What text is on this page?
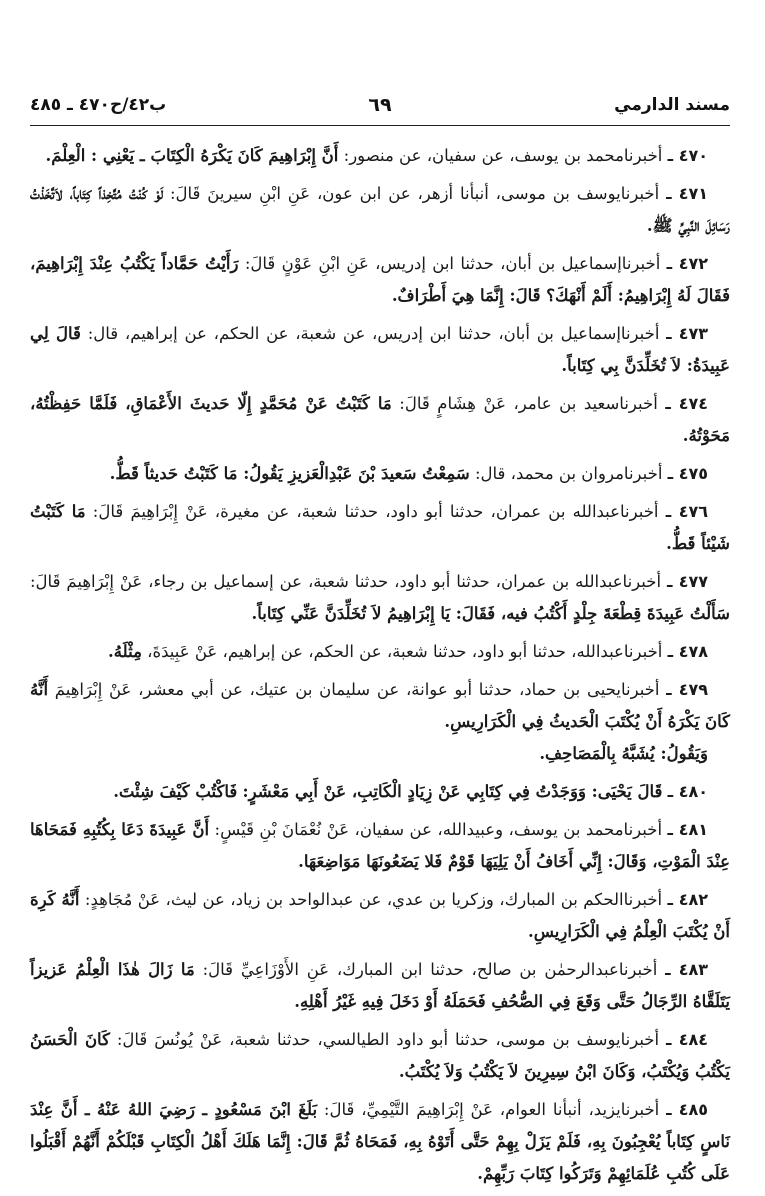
مسند الدارمي
٦٩
ب٤٢/ح٤٧٠ ـ ٤٨٥

٤٧٠ ـ أخبرنامحمد بن يوسف، عن سفيان، عن منصور: أَنَّ إِبْرَاهِيمَ كَانَ يَكْرَهُ الْكِتَابَ ـ يَعْنِي : الْعِلْمَ.

٤٧١ ـ أخبرنايوسف بن موسى، أنبأنا أزهر، عن ابن عون، عَنِ ابْنِ سيرينَ قَالَ: لَوْ كُنْتُ مُتَّخِذاً كِتَاباً، لاَتَّخَذْتُ رَسَائِلَ النَّبِيِّ ﷺ.

٤٧٢ ـ أخبرناإسماعيل بن أبان، حدثنا ابن إدريس، عَنِ ابْنِ عَوْنٍ قَالَ: رَأَيْتُ حَمَّاداً يَكْتُبُ عِنْدَ إِبْرَاهِيمَ، فَقَالَ لَهُ إِبْرَاهِيمُ: أَلَمْ أَنْهَكَ؟ قَالَ: إِنَّمَا هِيَ أَطْرَافٌ.

٤٧٣ ـ أخبرناإسماعيل بن أبان، حدثنا ابن إدريس، عن شعبة، عن الحكم، عن إبراهيم، قال: قَالَ لِي عَبِيدَةُ: لاَ تُخَلِّدَنَّ بِي كِتَاباً.

٤٧٤ ـ أخبرناسعيد بن عامر، عَنْ هِشَامٍ قَالَ: مَا كَتَبْتُ عَنْ مُحَمَّدٍ إِلّا حَديثَ الأَعْمَاقِ، فَلَمَّا حَفِظْتُهُ، مَحَوْتُهُ.

٤٧٥ ـ أخبرنامروان بن محمد، قال: سَمِعْتُ سَعيدَ بْنَ عَبْدِالْعَزيزِ يَقُولُ: مَا كَتَبْتُ حَديثاً قَطُّ.

٤٧٦ ـ أخبرناعبدالله بن عمران، حدثنا أبو داود، حدثنا شعبة، عن مغيرة، عَنْ إِبْرَاهِيمَ قَالَ: مَا كَتَبْتُ شَيْئاً قَطُّ.

٤٧٧ ـ أخبرناعبدالله بن عمران، حدثنا أبو داود، حدثنا شعبة، عن إسماعيل بن رجاء، عَنْ إِبْرَاهِيمَ قَالَ: سَأَلْتُ عَبِيدَةَ قِطْعَةَ جِلْدٍ أَكْتُبُ فيه، فَقَالَ: يَا إِبْرَاهِيمُ لاَ تُخَلِّدَنَّ عَنِّي كِتَاباً.

٤٧٨ ـ أخبرناعبدالله، حدثنا أبو داود، حدثنا شعبة، عن الحكم، عن إبراهيم، عَنْ عَبِيدَةَ، مِثْلَهُ.

٤٧٩ ـ أخبرنايحيى بن حماد، حدثنا أبو عوانة، عن سليمان بن عتيك، عن أبي معشر، عَنْ إِبْرَاهِيمَ أَنَّهُ كَانَ يَكْرَهُ أَنْ يُكْتَبَ الْحَديثُ فِي الْكَرَارِيسِ.

وَيَقُولُ: يُشَبَّهُ بِالْمَصَاحِفِ.

٤٨٠ ـ قَالَ يَحْيَى: وَوَجَدْتُ فِي كِتَابِي عَنْ زِيَادٍ الْكَاتِبِ، عَنْ أَبِي مَعْشَرٍ: فَاكْتُبْ كَيْفَ شِئْتَ.

٤٨١ ـ أخبرنامحمد بن يوسف، وعبيدالله، عن سفيان، عَنْ نُعْمَانَ بْنِ قَيْسٍ: أَنَّ عَبِيدَةَ دَعَا بِكُتُبِهِ فَمَحَاهَا عِنْدَ الْمَوْتِ، وَقَالَ: إِنِّي أَخَافُ أَنْ يَلِيَهَا قَوْمٌ فَلا يَضَعُونَهَا مَوَاضِعَهَا.

٤٨٢ ـ أخبرناالحكم بن المبارك، وزكريا بن عدي، عن عبدالواحد بن زياد، عن ليث، عَنْ مُجَاهِدٍ: أَنَّهُ كَرِهَ أَنْ يُكْتَبَ الْعِلْمُ فِي الْكَرَارِيسِ.

٤٨٣ ـ أخبرناعبدالرحمٰن بن صالح، حدثنا ابن المبارك، عَنِ الأَوْزَاعِيِّ قَالَ: مَا زَالَ هٰذَا الْعِلْمُ عَزيزاً يَتَلَقَّاهُ الرِّجَالُ حَتَّى وَقَعَ فِي الصُّحُفِ فَحَمَلَهُ أَوْ دَخَلَ فِيهِ غَيْرُ أَهْلِهِ.

٤٨٤ ـ أخبرنايوسف بن موسى، حدثنا أبو داود الطيالسي، حدثنا شعبة، عَنْ يُونُسَ قَالَ: كَانَ الْحَسَنُ يَكْتُبُ وَيُكْتَبُ، وَكَانَ ابْنُ سِيرِينَ لاَ يَكْتُبُ وَلاَ يُكْتَبُ.

٤٨٥ ـ أخبرنايزيد، أنبأنا العوام، عَنْ إِبْرَاهِيمَ التَّيْمِيِّ، قَالَ: بَلَغَ ابْنَ مَسْعُودٍ ـ رَضِيَ اللهُ عَنْهُ ـ أَنَّ عِنْدَ نَاسٍ كِتَاباً يُعْجِبُونَ بِهِ، فَلَمْ يَزَلْ بِهِمْ حَتَّى أَتَوْهُ بِهِ، فَمَحَاهُ ثُمَّ قَالَ: إِنَّمَا هَلَكَ أَهْلُ الْكِتَابِ قَبْلَكُمْ أَنَّهُمْ أَقْبَلُوا عَلَى كُتُبِ عُلَمَائِهِمْ وَتَرَكُوا كِتَابَ رَبِّهِمْ.
